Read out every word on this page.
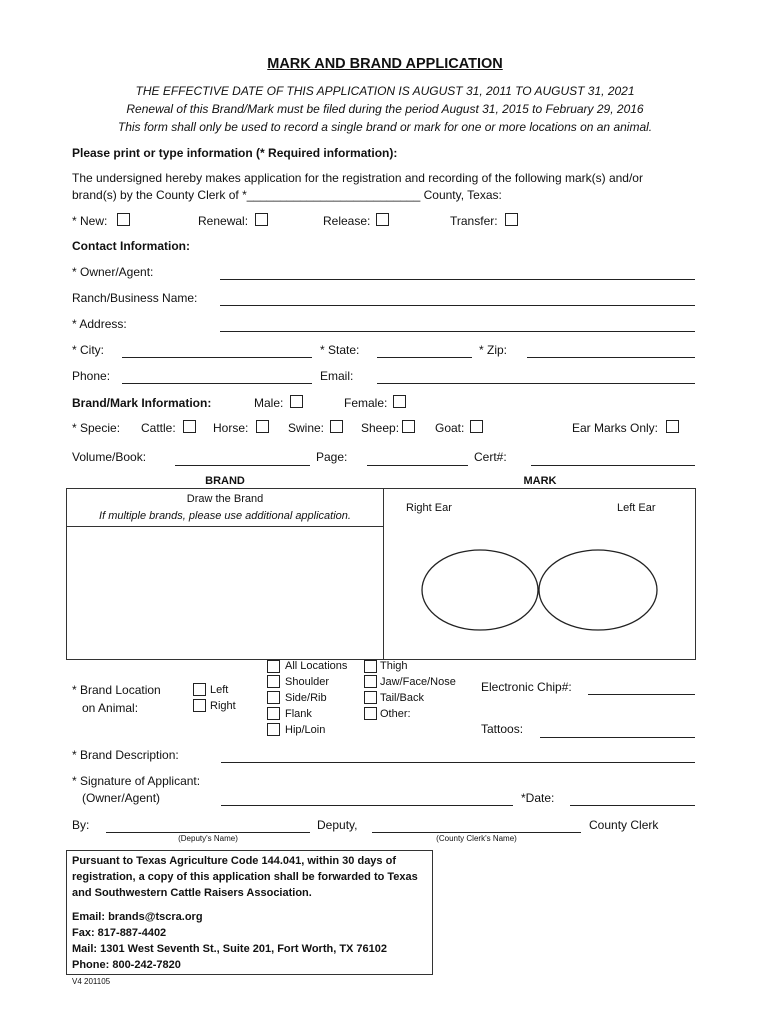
MARK AND BRAND APPLICATION
THE EFFECTIVE DATE OF THIS APPLICATION IS AUGUST 31, 2011 TO AUGUST 31, 2021
Renewal of this Brand/Mark must be filed during the period August 31, 2015 to February 29, 2016
This form shall only be used to record a single brand or mark for one or more locations on an animal.
Please print or type information (* Required information):
The undersigned hereby makes application for the registration and recording of the following mark(s) and/or
brand(s) by the County Clerk of *__________________________ County, Texas:
* New:	Renewal:	Release:	Transfer:
Contact Information:
* Owner/Agent:
Ranch/Business Name:
* Address:
* City:	* State:	* Zip:
Phone:	Email:
Brand/Mark Information:	Male:	Female:
* Specie: Cattle:	Horse:	Swine:	Sheep:	Goat:	Ear Marks Only:
Volume/Book:	Page:	Cert#:
BRAND	MARK
Draw the Brand
If multiple brands, please use additional application.
Right Ear	Left Ear
* Brand Location
on Animal:
Left
Right
All Locations
Shoulder
Side/Rib
Flank
Hip/Loin
Thigh
Jaw/Face/Nose
Tail/Back
Other:
Electronic Chip#:
Tattoos:
* Brand Description:
* Signature of Applicant:
(Owner/Agent)	*Date:
By:	Deputy,	County Clerk
(Deputy's Name)	(County Clerk's Name)
Pursuant to Texas Agriculture Code 144.041, within 30 days of
registration, a copy of this application shall be forwarded to Texas
and Southwestern Cattle Raisers Association.
Email: brands@tscra.org
Fax: 817-887-4402
Mail: 1301 West Seventh St., Suite 201, Fort Worth, TX 76102
Phone: 800-242-7820
V4 201105
